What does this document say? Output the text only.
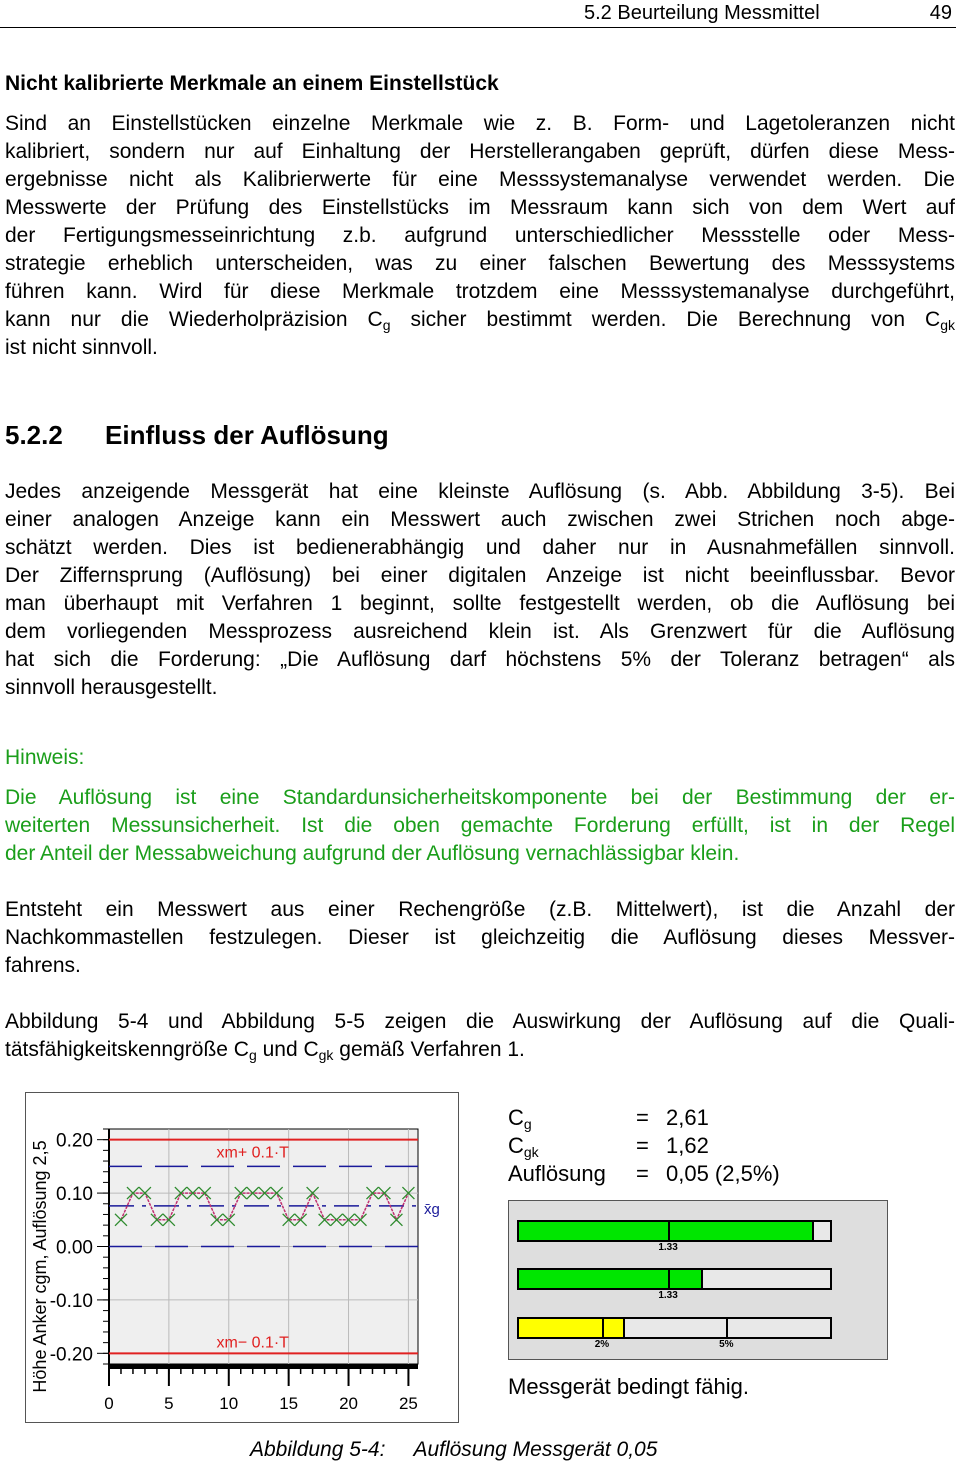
5.2 Beurteilung Messmittel	49
Nicht kalibrierte Merkmale an einem Einstellstück
Sind an Einstellstücken einzelne Merkmale wie z. B. Form- und Lagetoleranzen nicht
kalibriert, sondern nur auf Einhaltung der Herstellerangaben geprüft, dürfen diese Mess-
ergebnisse nicht als Kalibrierwerte für eine Messsystemanalyse verwendet werden. Die
Messwerte der Prüfung des Einstellstücks im Messraum kann sich von dem Wert auf
der Fertigungsmesseinrichtung z.b. aufgrund unterschiedlicher Messstelle oder Mess-
strategie erheblich unterscheiden, was zu einer falschen Bewertung des Messsystems
führen kann. Wird für diese Merkmale trotzdem eine Messsystemanalyse durchgeführt,
kann nur die Wiederholpräzision $C_g$ sicher bestimmt werden. Die Berechnung von $C_{gk}$
ist nicht sinnvoll.
5.2.2 Einfluss der Auflösung
Jedes anzeigende Messgerät hat eine kleinste Auflösung (s. Abb. Abbildung 3-5). Bei
einer analogen Anzeige kann ein Messwert auch zwischen zwei Strichen noch abge-
schätzt werden. Dies ist bedienerabhängig und daher nur in Ausnahmefällen sinnvoll.
Der Ziffernsprung (Auflösung) bei einer digitalen Anzeige ist nicht beeinflussbar. Bevor
man überhaupt mit Verfahren 1 beginnt, sollte festgestellt werden, ob die Auflösung bei
dem vorliegenden Messprozess ausreichend klein ist. Als Grenzwert für die Auflösung
hat sich die Forderung: „Die Auflösung darf höchstens 5% der Toleranz betragen“ als
sinnvoll herausgestellt.
Hinweis:
Die Auflösung ist eine Standardunsicherheitskomponente bei der Bestimmung der er-
weiterten Messunsicherheit. Ist die oben gemachte Forderung erfüllt, ist in der Regel
der Anteil der Messabweichung aufgrund der Auflösung vernachlässigbar klein.
Entsteht ein Messwert aus einer Rechengröße (z.B. Mittelwert), ist die Anzahl der
Nachkommastellen festzulegen. Dieser ist gleichzeitig die Auflösung dieses Messver-
fahrens.
Abbildung 5-4 und Abbildung 5-5 zeigen die Auswirkung der Auflösung auf die Quali-
tätsfähigkeitskenngröße $C_g$ und $C_{gk}$ gemäß Verfahren 1.
0	5	10 15 20 25
0.20
0.10
0.00
-0.10
-0.20
Höhe Anker cgm, Auflösung 2,5	xm+ 0.1·T
xm− 0.1·T
x̄g
$C_g$	= 2,61
$C_{gk}$	= 1,62
Auflösung = 0,05 (2,5%)
1.33
1.33
2%	5%
Messgerät bedingt fähig.
Abbildung 5-4: Auflösung Messgerät 0,05
